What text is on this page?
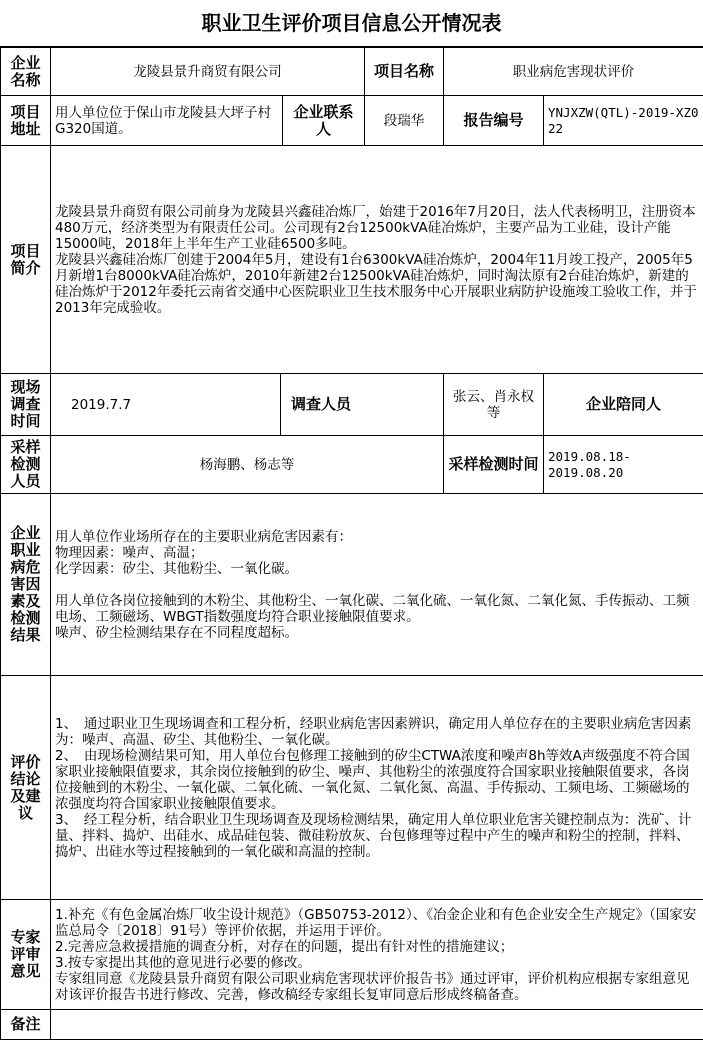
职业卫生评价项目信息公开情况表
企业名称	龙陵县景升商贸有限公司			项目名称	职业病危害现状评价	

项目地址	用人单位位于保山市龙陵县大坪子村G320国道。		企业联系人	段瑞华	报告编号	YNJXZW(QTL)-2019-XZ022

项目简介	龙陵县景升商贸有限公司前身为龙陵县兴鑫硅冶炼厂，始建于2016年7月20日，法人代表杨明卫，注册资本480万元，经济类型为有限责任公司。公司现有2台12500kVA硅冶炼炉，主要产品为工业硅，设计产能15000吨，2018年上半年生产工业硅6500多吨。

龙陵县兴鑫硅冶炼厂创建于2004年5月，建设有1台6300kVA硅冶炼炉，2004年11月竣工投产，2005年5月新增1台8000kVA硅冶炼炉，2010年新建2台12500kVA硅冶炼炉，同时淘汰原有2台硅冶炼炉，新建的硅冶炼炉于2012年委托云南省交通中心医院职业卫生技术服务中心开展职业病防护设施竣工验收工作，并于2013年完成验收。					

现场调查时间	2019.7.7	调查人员			张云、肖永权等	企业陪同人

采样检测人员	杨海鹏、杨志等				采样检测时间	2019.08.18-2019.08.20

企业职业病危害因素及检测结果	用人单位作业场所存在的主要职业病危害因素有：

物理因素：噪声、高温；

化学因素：矽尘、其他粉尘、一氧化碳。

用人单位各岗位接触到的木粉尘、其他粉尘、一氧化碳、二氧化硫、一氧化氮、二氧化氮、手传振动、工频电场、工频磁场、WBGT指数强度均符合职业接触限值要求。

噪声、矽尘检测结果存在不同程度超标。					

评价结论及建议	1、　通过职业卫生现场调查和工程分析，经职业病危害因素辨识，确定用人单位存在的主要职业病危害因素为：噪声、高温、矽尘、其他粉尘、一氧化碳。

2、　由现场检测结果可知，用人单位台包修理工接触到的矽尘CTWA浓度和噪声8h等效A声级强度不符合国家职业接触限值要求，其余岗位接触到的矽尘、噪声、其他粉尘的浓强度符合国家职业接触限值要求，各岗位接触到的木粉尘、一氧化碳、二氧化硫、一氧化氮、二氧化氮、高温、手传振动、工频电场、工频磁场的浓强度均符合国家职业接触限值要求。

3、　经工程分析，结合职业卫生现场调查及现场检测结果，确定用人单位职业危害关键控制点为：洗矿、计量、拌料、捣炉、出硅水、成品硅包装、微硅粉放灰、台包修理等过程中产生的噪声和粉尘的控制，拌料、捣炉、出硅水等过程接触到的一氧化碳和高温的控制。					

专家评审意见	1.补充《有色金属冶炼厂收尘设计规范》（GB50753-2012）、《冶金企业和有色企业安全生产规定》（国家安监总局令〔2018〕91号）等评价依据，并运用于评价。

2.完善应急救援措施的调查分析，对存在的问题，提出有针对性的措施建议；

3.按专家提出其他的意见进行必要的修改。

专家组同意《龙陵县景升商贸有限公司职业病危害现状评价报告书》通过评审，评价机构应根据专家组意见对该评价报告书进行修改、完善，修改稿经专家组长复审同意后形成终稿备查。					

备注						
